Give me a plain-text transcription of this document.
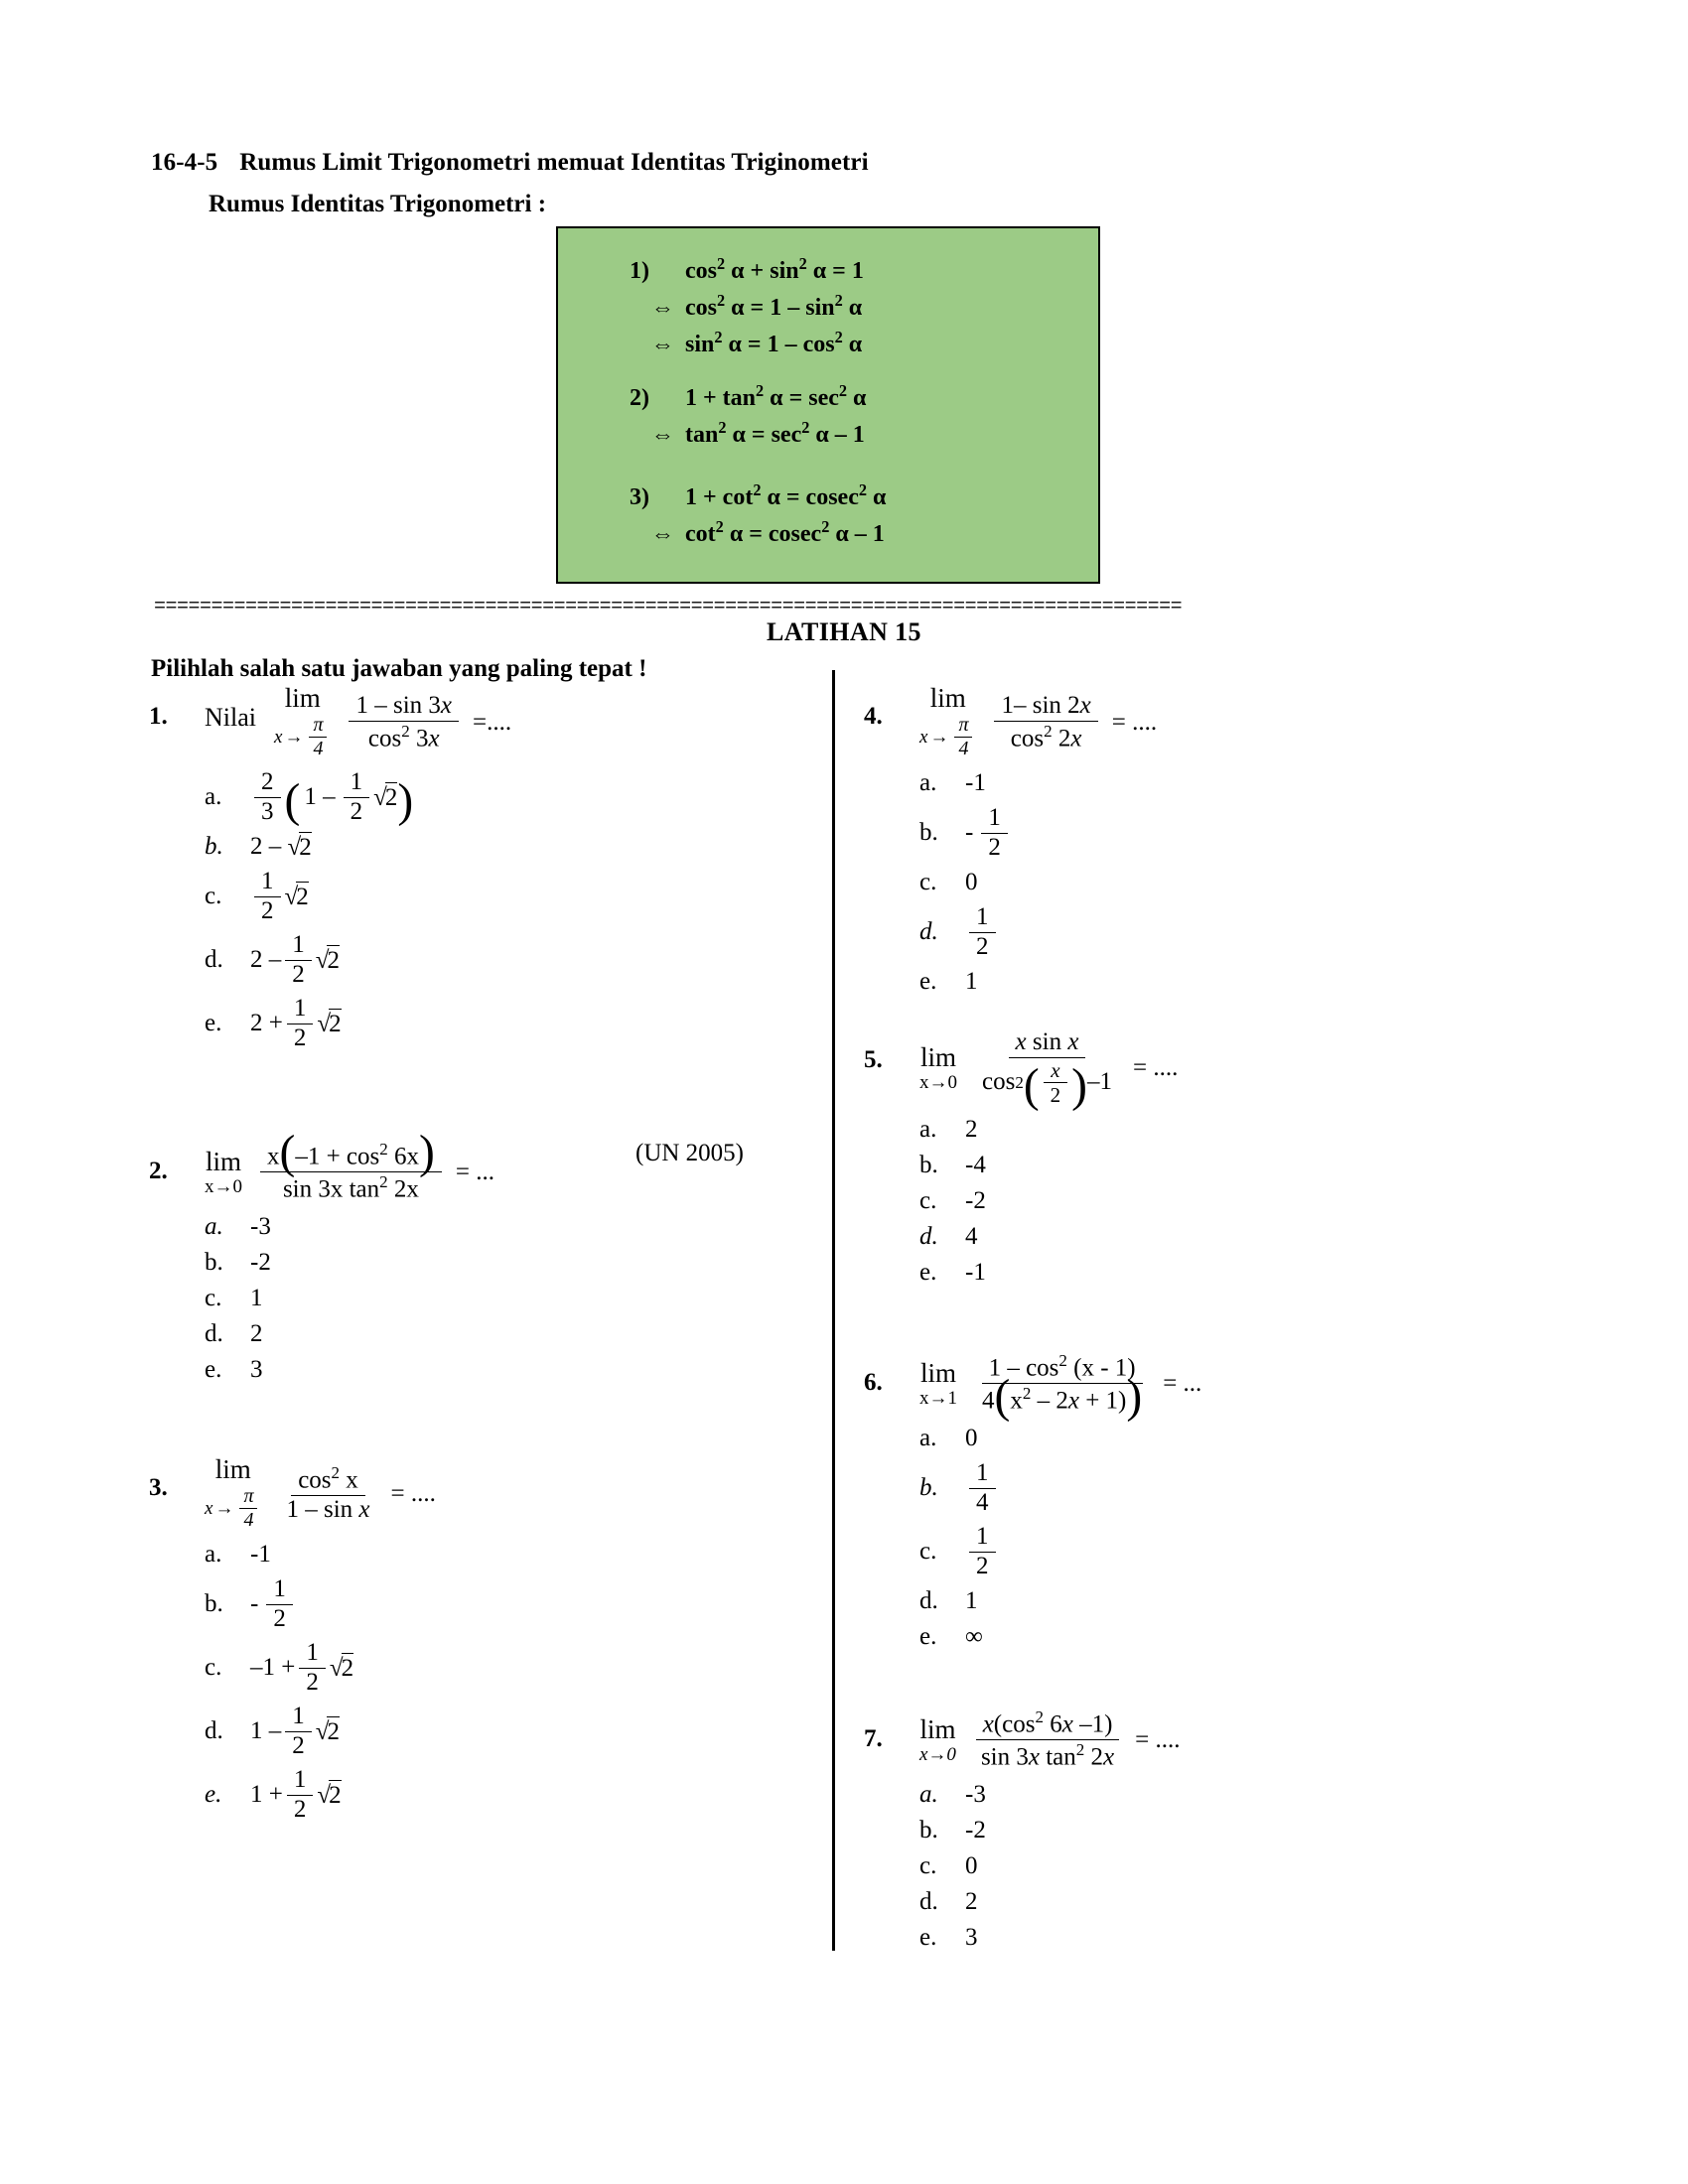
16-4-5 Rumus Limit Trigonometri memuat Identitas Triginometri
Rumus Identitas Trigonometri :
1)	$\cos^2 \alpha + \sin^2 \alpha = 1$
⇔ $\cos^2 \alpha = 1 - \sin^2 \alpha$
⇔ $\sin^2 \alpha = 1 - \cos^2 \alpha$
2)	$1 + \tan^2 \alpha = \sec^2 \alpha$
⇔ $\tan^2 \alpha = \sec^2 \alpha - 1$
3)	$1 + \cot^2 \alpha = cosec^2$ α
⇔ $\cot^2 \alpha = cosec^2$ α – 1
==========================================================================================
LATIHAN 15
Pilihlah salah satu jawaban yang paling tepat !
1.	Nilai
lim
$x \to \frac{\pi}{4} \frac{1 - \sin 3x}{\cos^2 3x}$ =....
a.	$\frac{2}{3}$ ( $1 - \frac{1}{2} √2$ )
b.	2 – √2
c.	$\frac{1}{2} √2$
d.	$2 - \frac{1}{2} √2$
e.	$2 + \frac{1}{2} √2$
2.	lim
$x\to 0 \frac{x(-1 + \cos^2 6x)}{\sin 3x \tan^2 2x}$ = ...
a.	-3
b.	-2
c.	1
d.	2
e.	3
3.
lim
$x \to \frac{\pi}{4} \frac{\cos^2 x}{\text{1 – sin x}}$ = ....
a.	-1
b.	- $\frac{1}{2}$
c.	$-1 + \frac{1}{2} √2$
d.	$1 - \frac{1}{2} √2$
e.	$1 + \frac{1}{2} √2$
(UN 2005)
4.
lim
$x \to \frac{\pi}{4} \frac{1- \sin 2x}{\cos^2 2x}$ = ....
a.	-1
b.	- $\frac{1}{2}$
c.	0
d.	$\frac{1}{2}$
e.	1
5.	lim
x→0
x sin x
cos 2 ( $\frac{x}{2}$ ) –1
= ....
a.	2
b.	-4
c.	-2
d.	4
e.	-1
6.	lim
$x\to 1 \frac{1 - \cos^2 (x - 1)}{4(x^2 - 2x + 1))}$ = ...
a.	0
b.	$\frac{1}{4}$
c.	$\frac{1}{2}$
d.	1
e.	∞
7.	lim
$x\to 0 \frac{x(\cos^2 6x -1)}{\sin 3x \tan^2 2x}$ = ....
a.	-3
b.	-2
c.	0
d.	2
e.	3
